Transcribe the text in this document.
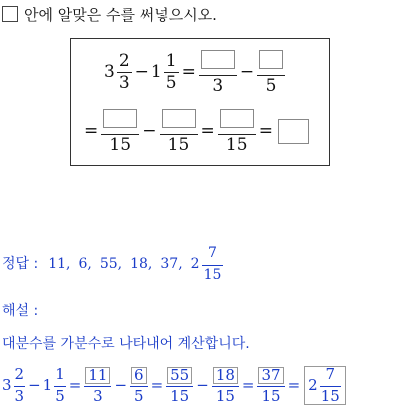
안에 알맞은 수를 써넣으시오.
$3 \frac{2}{3} - 1 \frac{1}{5}$ =
3
−
5
=
15
−
15
=
15
=
정답 : 11, 6, 55, 18, 37, $2 \frac{7}{15}$
해설 :
대분수를 가분수로 나타내어 계산합니다.
$3 \frac{2}{3} - 1 \frac{1}{5} = \frac{11}{3} - \frac{6}{5} = \frac{55}{15} - \frac{18}{15} = \frac{37}{15} = 2 \frac{7}{15}$
